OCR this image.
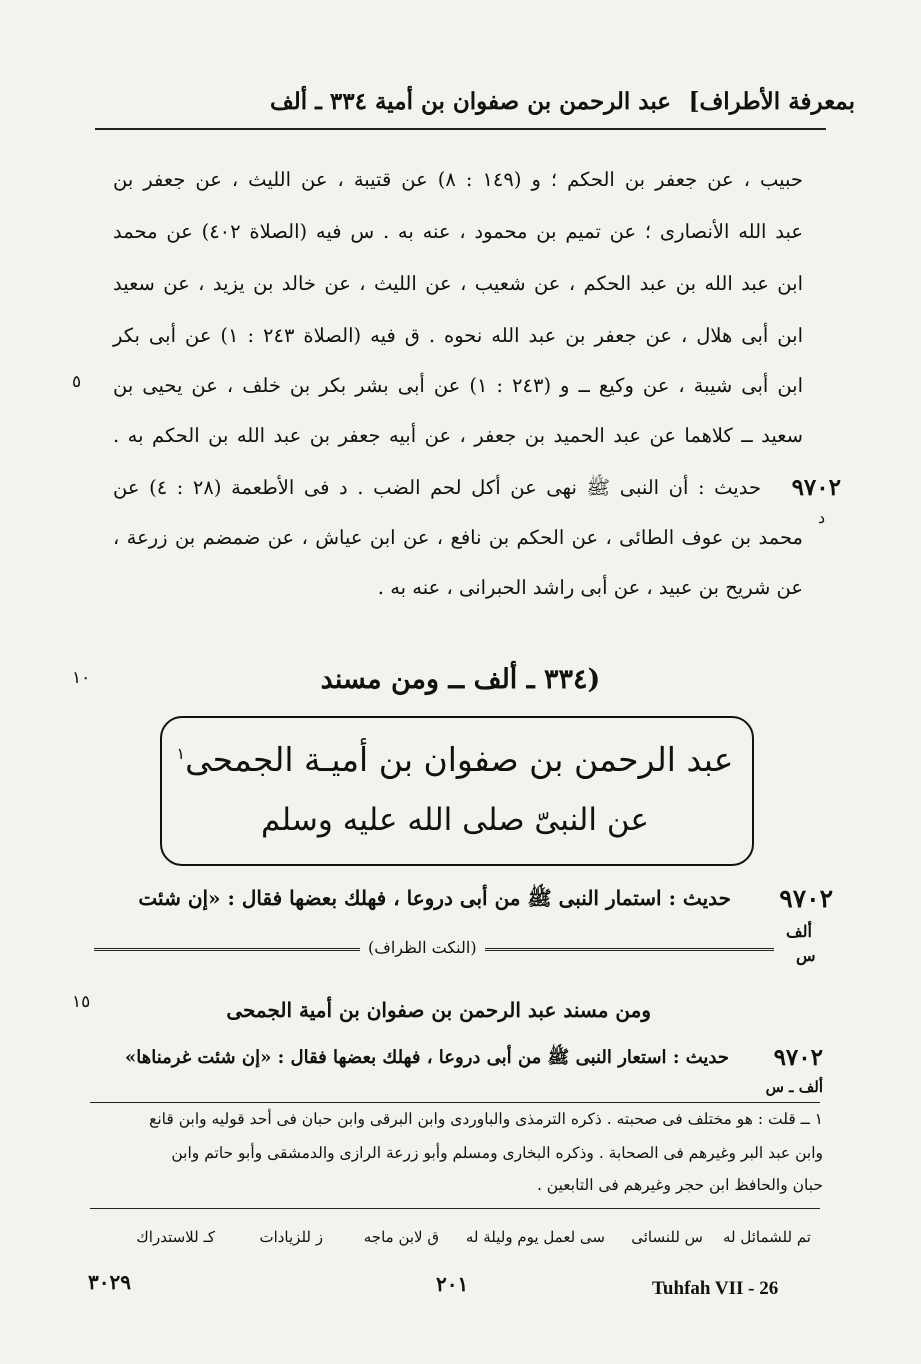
بمعرفة الأطراف]
عبد الرحمن بن صفوان بن أمية ٣٣٤ ـ ألف
حبيب ، عن جعفر بن الحكم ؛ و (١٤٩ : ٨) عن قتيبة ، عن الليث ، عن جعفر بن
عبد الله الأنصارى ؛ عن تميم بن محمود ، عنه به . س فيه (الصلاة ٤٠٢) عن محمد
ابن عبد الله بن عبد الحكم ، عن شعيب ، عن الليث ، عن خالد بن يزيد ، عن سعيد
ابن أبى هلال ، عن جعفر بن عبد الله نحوه . ق فيه (الصلاة ٢٤٣ : ١) عن أبى بكر
ابن أبى شيبة ، عن وكيع ــ و (٢٤٣ : ١) عن أبى بشر بكر بن خلف ، عن يحيى بن
سعيد ــ كلاهما عن عبد الحميد بن جعفر ، عن أبيه جعفر بن عبد الله بن الحكم به .
٥
٩٧٠٢
حديث : أن النبى ﷺ نهى عن أكل لحم الضب . د فى الأطعمة (٢٨ : ٤) عن
محمد بن عوف الطائى ، عن الحكم بن نافع ، عن ابن عياش ، عن ضمضم بن زرعة ،
عن شريح بن عبيد ، عن أبى راشد الحبرانى ، عنه به .
د
(٣٣٤ ـ ألف ــ ومن مسند
١٠
عبد الرحمن بن صفوان بن أميـة الجمحى$^١$
عن النبىّ صلى الله عليه وسلم
٩٧٠٢
حديث : استمار النبى ﷺ من أبى دروعا ، فهلك بعضها فقال : «إن شئت
ألف
س
(النكت الظراف)
ومن مسند عبد الرحمن بن صفوان بن أمية الجمحى
١٥
٩٧٠٢
حديث : استعار النبى ﷺ من أبى دروعا ، فهلك بعضها فقال : «إن شئت غرمناها»
ألف ـ س
١ ــ قلت : هو مختلف فى صحبته . ذكره الترمذى والباوردى وابن البرقى وابن حبان فى أحد قوليه وابن قانع
وابن عبد البر وغيرهم فى الصحابة . وذكره البخارى ومسلم وأبو زرعة الرازى والدمشقى وأبو حاتم وابن
حبان والحافظ ابن حجر وغيرهم فى التابعين .
تم للشمائل له
س للنسائى
سى لعمل يوم وليلة له
ق لابن ماجه
ز للزيادات
كـ للاستدراك
٣٠٢٩	٢٠١	Tuhfah VII - 26
